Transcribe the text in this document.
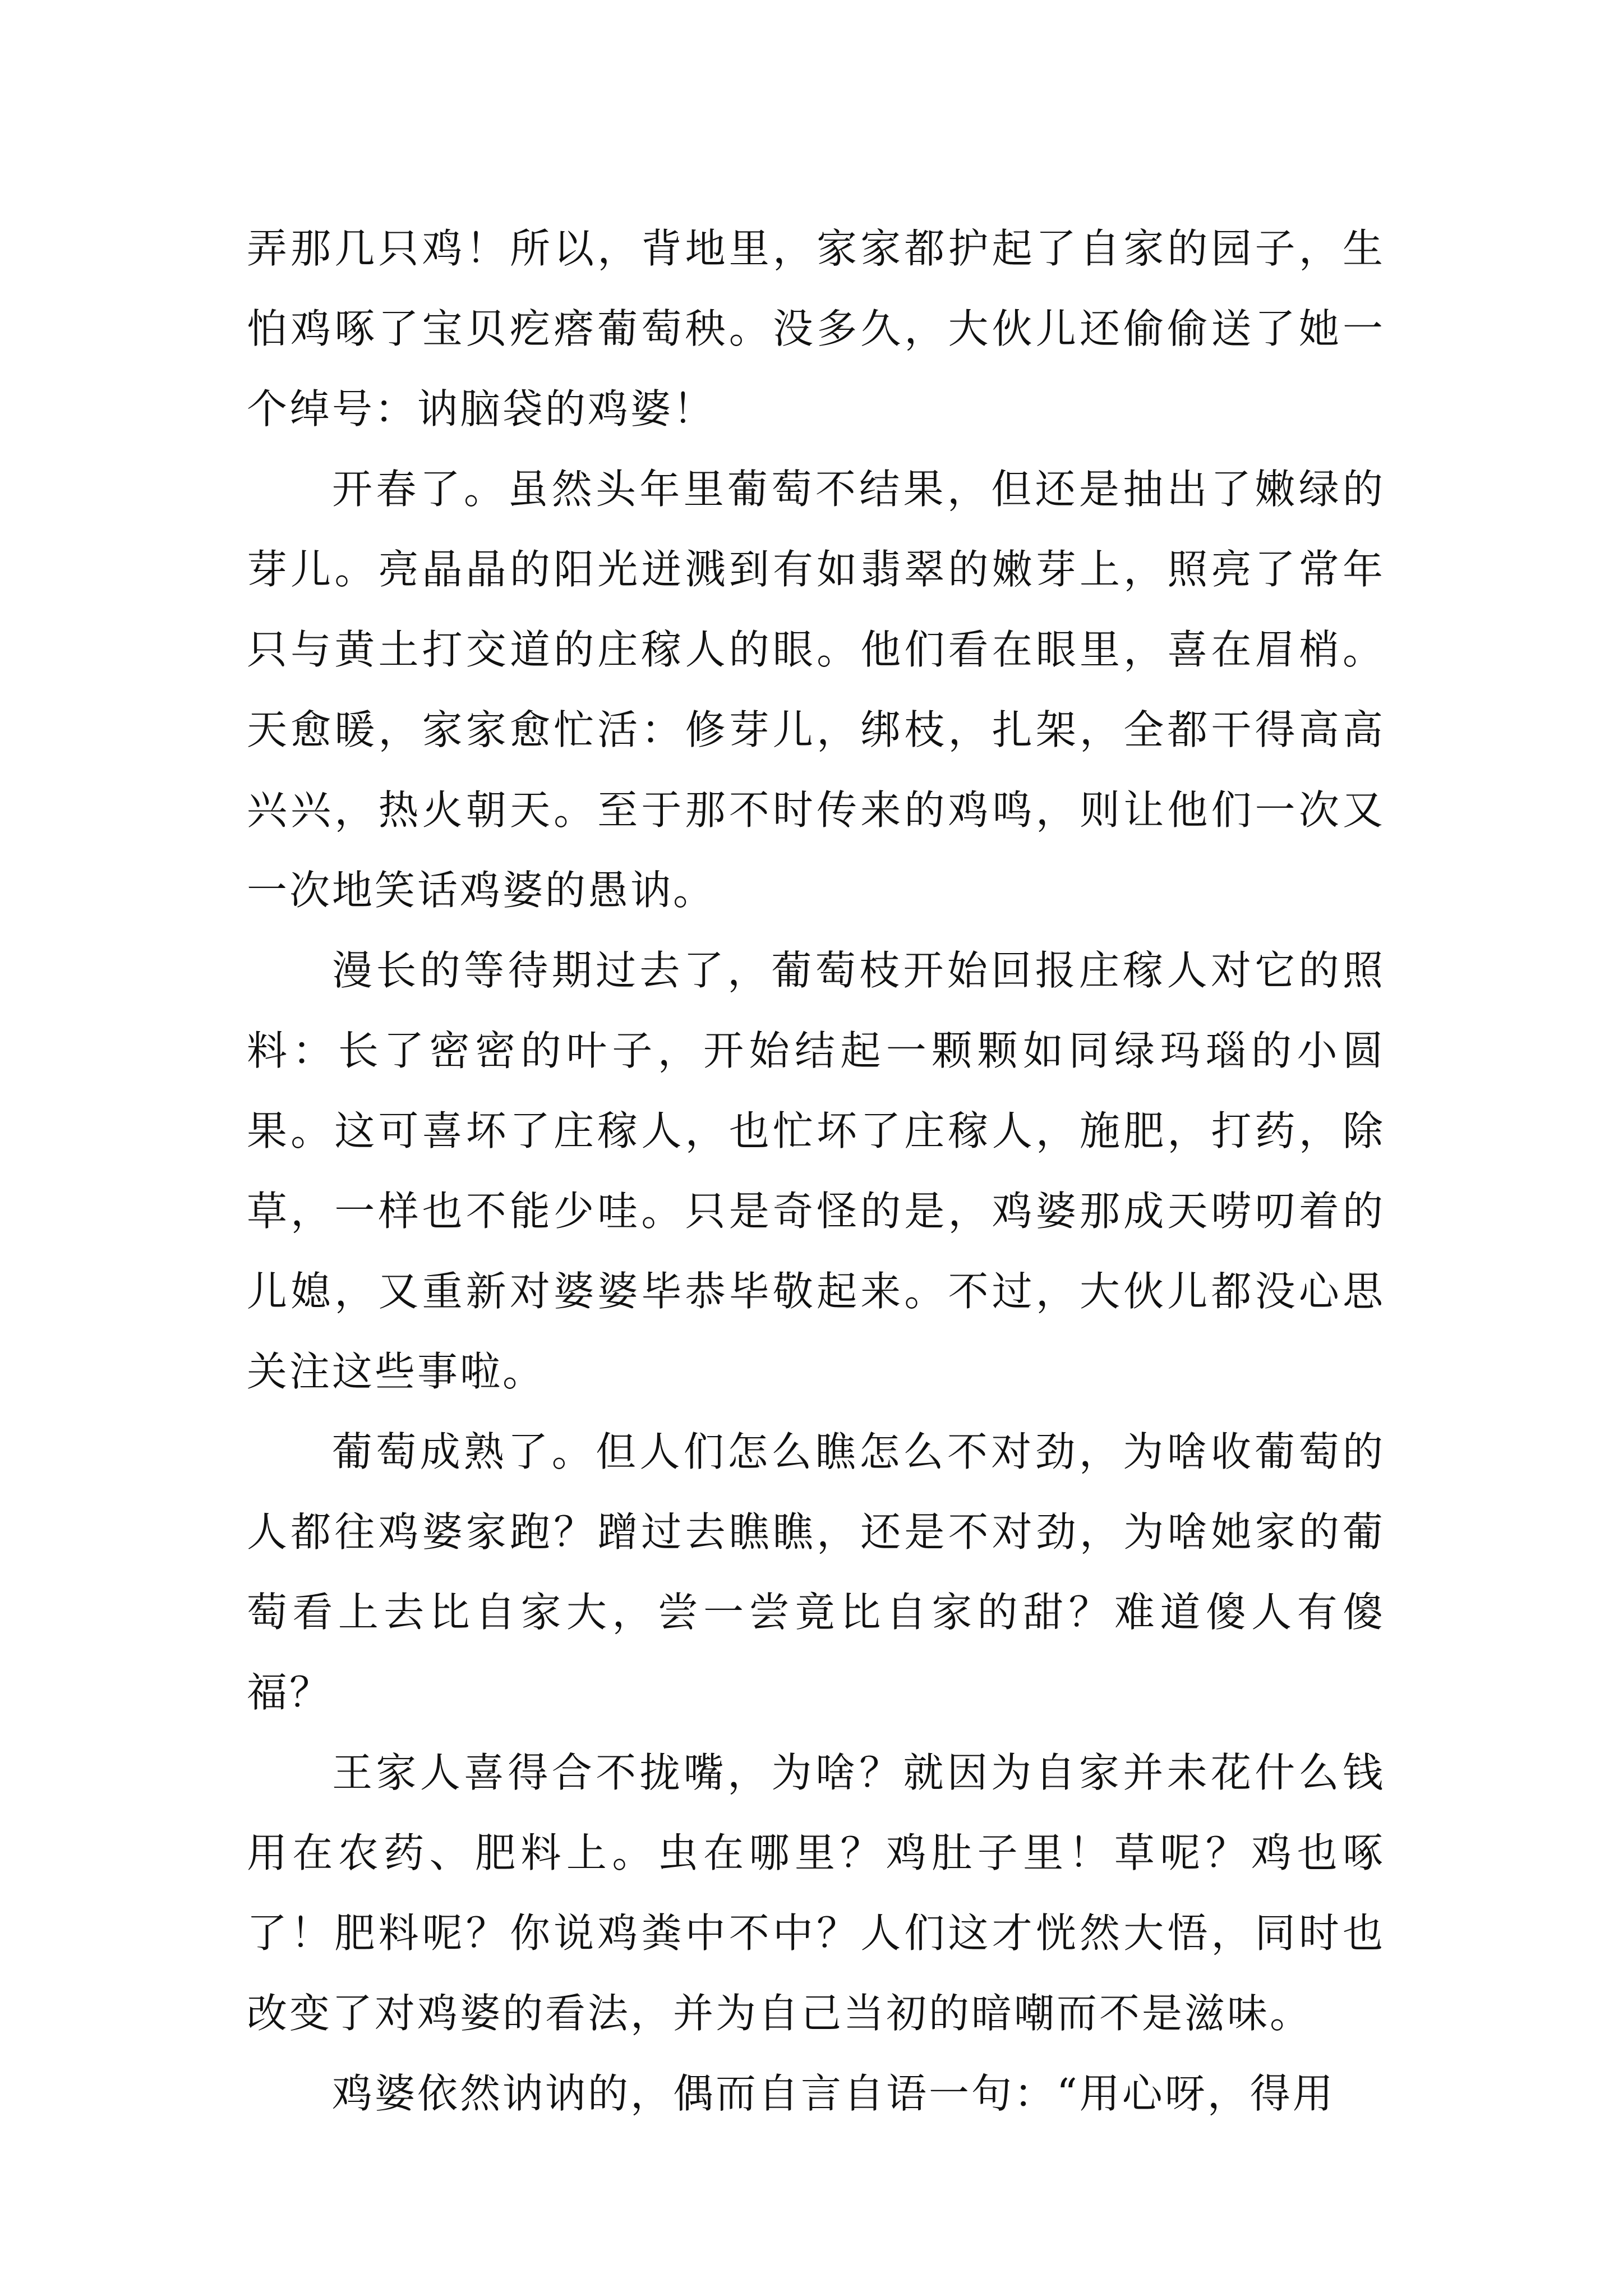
弄那几只鸡！所以，背地里，家家都护起了自家的园子，生怕鸡啄了宝贝疙瘩葡萄秧。没多久，大伙儿还偷偷送了她一个绰号：讷脑袋的鸡婆！

开春了。虽然头年里葡萄不结果，但还是抽出了嫩绿的芽儿。亮晶晶的阳光迸溅到有如翡翠的嫩芽上，照亮了常年只与黄土打交道的庄稼人的眼。他们看在眼里，喜在眉梢。天愈暖，家家愈忙活：修芽儿，绑枝，扎架，全都干得高高兴兴，热火朝天。至于那不时传来的鸡鸣，则让他们一次又一次地笑话鸡婆的愚讷。

漫长的等待期过去了，葡萄枝开始回报庄稼人对它的照料：长了密密的叶子，开始结起一颗颗如同绿玛瑙的小圆果。这可喜坏了庄稼人，也忙坏了庄稼人，施肥，打药，除草，一样也不能少哇。只是奇怪的是，鸡婆那成天唠叨着的儿媳，又重新对婆婆毕恭毕敬起来。不过，大伙儿都没心思关注这些事啦。

葡萄成熟了。但人们怎么瞧怎么不对劲，为啥收葡萄的人都往鸡婆家跑？蹭过去瞧瞧，还是不对劲，为啥她家的葡萄看上去比自家大，尝一尝竟比自家的甜？难道傻人有傻福？

王家人喜得合不拢嘴，为啥？就因为自家并未花什么钱用在农药、肥料上。虫在哪里？鸡肚子里！草呢？鸡也啄了！肥料呢？你说鸡粪中不中？人们这才恍然大悟，同时也改变了对鸡婆的看法，并为自己当初的暗嘲而不是滋味。

鸡婆依然讷讷的，偶而自言自语一句：“用心呀，得用
